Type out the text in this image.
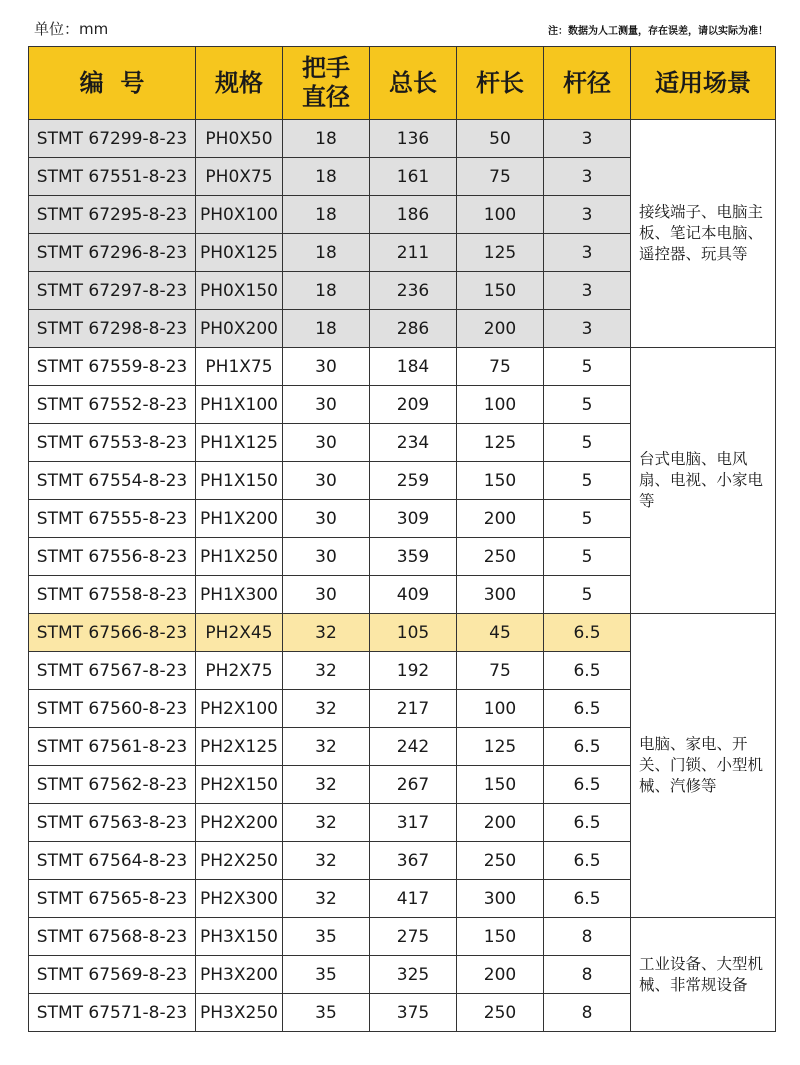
单位：mm	注：数据为人工测量，存在误差，请以实际为准！
编  号	规格	把手直径	总长	杆长	杆径	适用场景
STMT 67299-8-23	PH0X50	18	136	50	3	接线端子、电脑主板、笔记本电脑、遥控器、玩具等
STMT 67551-8-23	PH0X75	18	161	75	3	
STMT 67295-8-23	PH0X100	18	186	100	3	
STMT 67296-8-23	PH0X125	18	211	125	3	
STMT 67297-8-23	PH0X150	18	236	150	3	
STMT 67298-8-23	PH0X200	18	286	200	3	
STMT 67559-8-23	PH1X75	30	184	75	5	台式电脑、电风扇、电视、小家电等
STMT 67552-8-23	PH1X100	30	209	100	5	
STMT 67553-8-23	PH1X125	30	234	125	5	
STMT 67554-8-23	PH1X150	30	259	150	5	
STMT 67555-8-23	PH1X200	30	309	200	5	
STMT 67556-8-23	PH1X250	30	359	250	5	
STMT 67558-8-23	PH1X300	30	409	300	5	
STMT 67566-8-23	PH2X45	32	105	45	6.5	电脑、家电、开关、门锁、小型机械、汽修等
STMT 67567-8-23	PH2X75	32	192	75	6.5	
STMT 67560-8-23	PH2X100	32	217	100	6.5	
STMT 67561-8-23	PH2X125	32	242	125	6.5	
STMT 67562-8-23	PH2X150	32	267	150	6.5	
STMT 67563-8-23	PH2X200	32	317	200	6.5	
STMT 67564-8-23	PH2X250	32	367	250	6.5	
STMT 67565-8-23	PH2X300	32	417	300	6.5	
STMT 67568-8-23	PH3X150	35	275	150	8	工业设备、大型机械、非常规设备
STMT 67569-8-23	PH3X200	35	325	200	8	
STMT 67571-8-23	PH3X250	35	375	250	8	
